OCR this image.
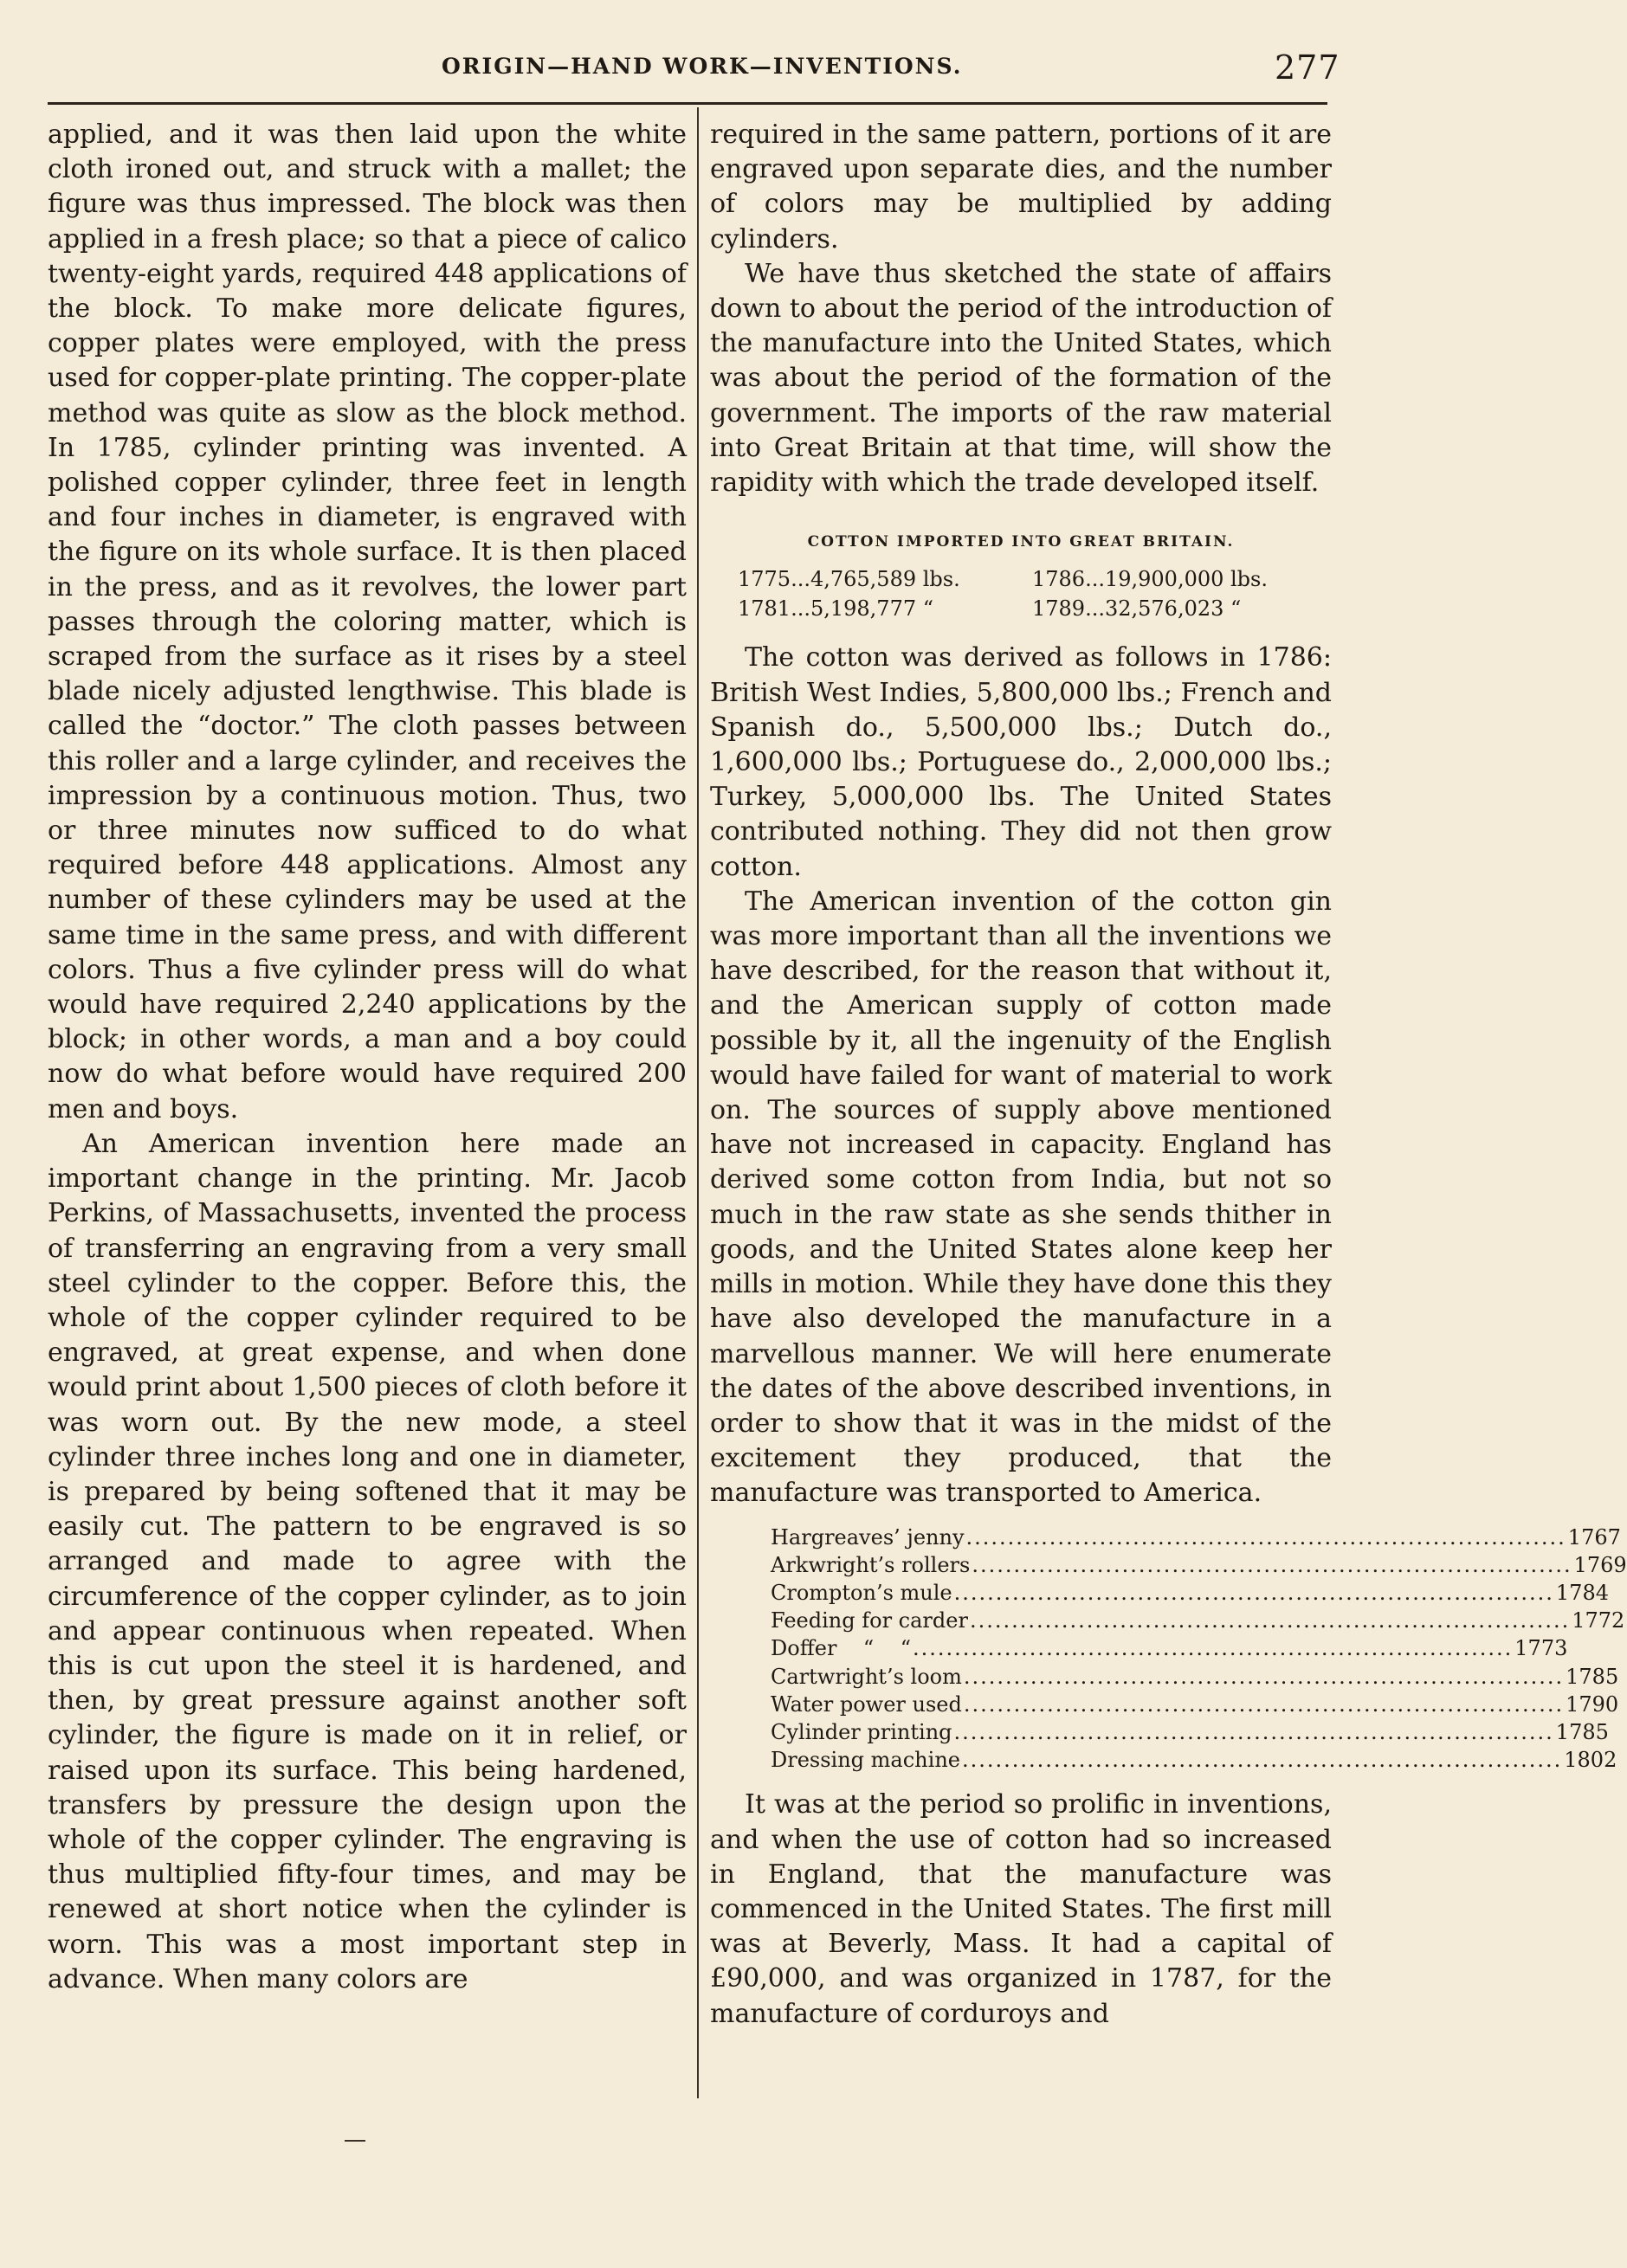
ORIGIN—HAND WORK—INVENTIONS.	277

applied, and it was then laid upon the white cloth ironed out, and struck with a mallet; the figure was thus impressed. The block was then applied in a fresh place; so that a piece of calico twenty-eight yards, required 448 applications of the block. To make more delicate figures, copper plates were employed, with the press used for copper-plate printing. The copper-plate method was quite as slow as the block method. In 1785, cylinder printing was invented. A polished copper cylinder, three feet in length and four inches in diameter, is engraved with the figure on its whole surface. It is then placed in the press, and as it revolves, the lower part passes through the coloring matter, which is scraped from the surface as it rises by a steel blade nicely adjusted lengthwise. This blade is called the “doctor.” The cloth passes between this roller and a large cylinder, and receives the impression by a continuous motion. Thus, two or three minutes now sufficed to do what required before 448 applications. Almost any number of these cylinders may be used at the same time in the same press, and with different colors. Thus a five cylinder press will do what would have required 2,240 applications by the block; in other words, a man and a boy could now do what before would have required 200 men and boys.

An American invention here made an important change in the printing. Mr. Jacob Perkins, of Massachusetts, invented the process of transferring an engraving from a very small steel cylinder to the copper. Before this, the whole of the copper cylinder required to be engraved, at great expense, and when done would print about 1,500 pieces of cloth before it was worn out. By the new mode, a steel cylinder three inches long and one in diameter, is prepared by being softened that it may be easily cut. The pattern to be engraved is so arranged and made to agree with the circumference of the copper cylinder, as to join and appear continuous when repeated. When this is cut upon the steel it is hardened, and then, by great pressure against another soft cylinder, the figure is made on it in relief, or raised upon its surface. This being hardened, transfers by pressure the design upon the whole of the copper cylinder. The engraving is thus multiplied fifty-four times, and may be renewed at short notice when the cylinder is worn. This was a most important step in advance. When many colors are

required in the same pattern, portions of it are engraved upon separate dies, and the number of colors may be multiplied by adding cylinders.

We have thus sketched the state of affairs down to about the period of the introduction of the manufacture into the United States, which was about the period of the formation of the government. The imports of the raw material into Great Britain at that time, will show the rapidity with which the trade developed itself.

COTTON IMPORTED INTO GREAT BRITAIN.
1775...4,765,589 lbs.	1786...19,900,000 lbs.
1781...5,198,777 “	1789...32,576,023 “

The cotton was derived as follows in 1786: British West Indies, 5,800,000 lbs.; French and Spanish do., 5,500,000 lbs.; Dutch do., 1,600,000 lbs.; Portuguese do., 2,000,000 lbs.; Turkey, 5,000,000 lbs. The United States contributed nothing. They did not then grow cotton.

The American invention of the cotton gin was more important than all the inventions we have described, for the reason that without it, and the American supply of cotton made possible by it, all the ingenuity of the English would have failed for want of material to work on. The sources of supply above mentioned have not increased in capacity. England has derived some cotton from India, but not so much in the raw state as she sends thither in goods, and the United States alone keep her mills in motion. While they have done this they have also developed the manufacture in a marvellous manner. We will here enumerate the dates of the above described inventions, in order to show that it was in the midst of the excitement they produced, that the manufacture was transported to America.

Hargreaves’ jenny ........................................................................ 1767
Arkwright’s rollers ........................................................................ 1769
Crompton’s mule ........................................................................ 1784
Feeding for carder ........................................................................ 1772
Doffer    “    “ ........................................................................ 1773
Cartwright’s loom ........................................................................ 1785
Water power used ........................................................................ 1790
Cylinder printing ........................................................................ 1785
Dressing machine ........................................................................ 1802

It was at the period so prolific in inventions, and when the use of cotton had so increased in England, that the manufacture was commenced in the United States. The first mill was at Beverly, Mass. It had a capital of £90,000, and was organized in 1787, for the manufacture of corduroys and
